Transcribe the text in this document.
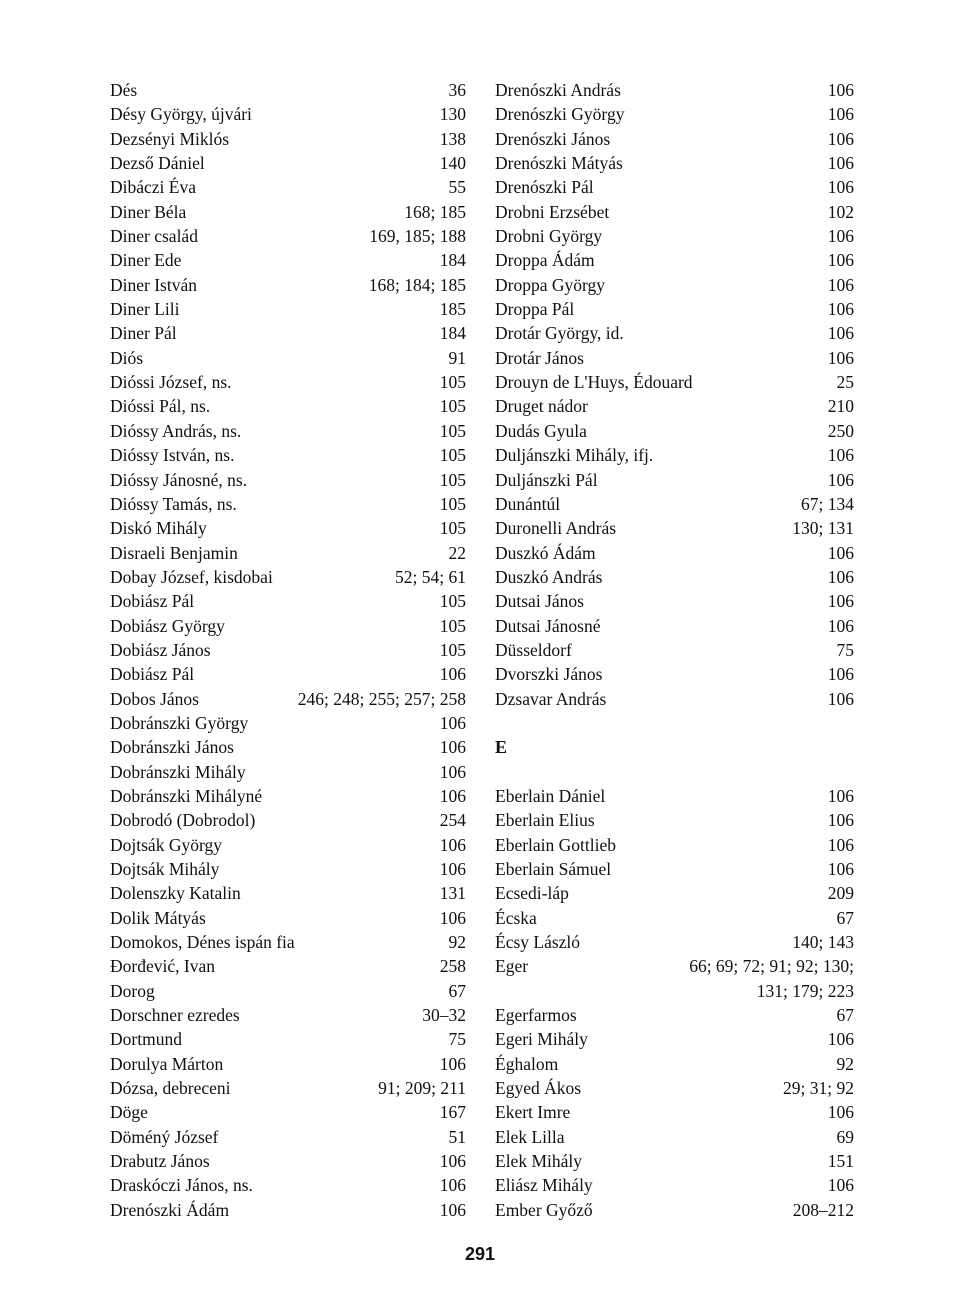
Dés	36
Désy György, újvári	130
Dezsényi Miklós	138
Dezső Dániel	140
Dibáczi Éva	55
Diner Béla	168; 185
Diner család	169, 185; 188
Diner Ede	184
Diner István	168; 184; 185
Diner Lili	185
Diner Pál	184
Diós	91
Dióssi József, ns.	105
Dióssi Pál, ns.	105
Dióssy András, ns.	105
Dióssy István, ns.	105
Dióssy Jánosné, ns.	105
Dióssy Tamás, ns.	105
Diskó Mihály	105
Disraeli Benjamin	22
Dobay József, kisdobai	52; 54; 61
Dobiász Pál	105
Dobiász György	105
Dobiász János	105
Dobiász Pál	106
Dobos János	246; 248; 255; 257; 258
Dobránszki György	106
Dobránszki János	106
Dobránszki Mihály	106
Dobránszki Mihályné	106
Dobrodó (Dobrodol)	254
Dojtsák György	106
Dojtsák Mihály	106
Dolenszky Katalin	131
Dolik Mátyás	106
Domokos, Dénes ispán fia	92
Đorđević, Ivan	258
Dorog	67
Dorschner ezredes	30–32
Dortmund	75
Dorulya Márton	106
Dózsa, debreceni	91; 209; 211
Döge	167
Döméný József	51
Drabutz János	106
Draskóczi János, ns.	106
Drenószki Ádám	106
Drenószki András	106
Drenószki György	106
Drenószki János	106
Drenószki Mátyás	106
Drenószki Pál	106
Drobni Erzsébet	102
Drobni György	106
Droppa Ádám	106
Droppa György	106
Droppa Pál	106
Drotár György, id.	106
Drotár János	106
Drouyn de L'Huys, Édouard	25
Druget nádor	210
Dudás Gyula	250
Duljánszki Mihály, ifj.	106
Duljánszki Pál	106
Dunántúl	67; 134
Duronelli András	130; 131
Duszkó Ádám	106
Duszkó András	106
Dutsai János	106
Dutsai Jánosné	106
Düsseldorf	75
Dvorszki János	106
Dzsavar András	106
E
Eberlain Dániel	106
Eberlain Elius	106
Eberlain Gottlieb	106
Eberlain Sámuel	106
Ecsedi-láp	209
Écska	67
Écsy László	140; 143
Eger	66; 69; 72; 91; 92; 130;
131; 179; 223
Egerfarmos	67
Egeri Mihály	106
Éghalom	92
Egyed Ákos	29; 31; 92
Ekert Imre	106
Elek Lilla	69
Elek Mihály	151
Eliász Mihály	106
Ember Győző	208–212
291
